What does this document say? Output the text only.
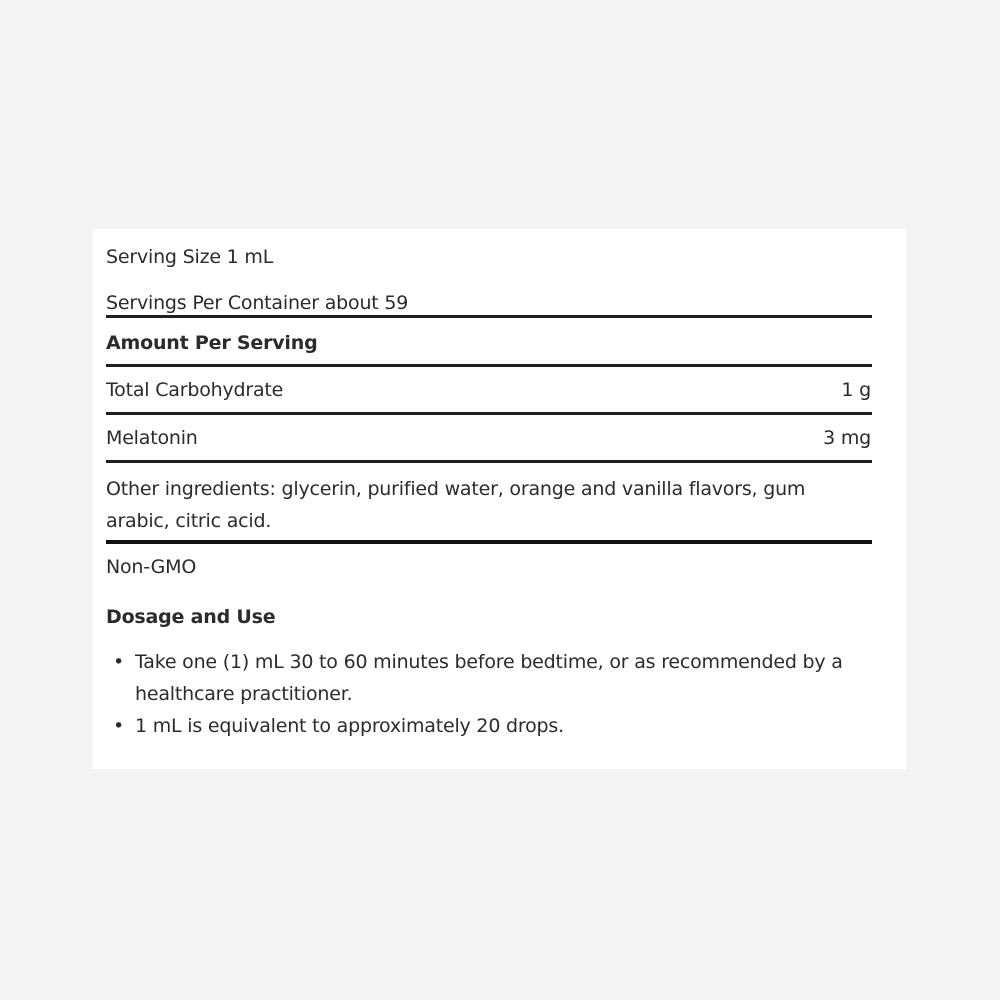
Serving Size 1 mL
Servings Per Container about 59
Amount Per Serving
Total Carbohydrate	1 g
Melatonin	3 mg
Other ingredients: glycerin, purified water, orange and vanilla flavors, gum arabic, citric acid.
Non-GMO
Dosage and Use
• Take one (1) mL 30 to 60 minutes before bedtime, or as recommended by a healthcare practitioner.
• 1 mL is equivalent to approximately 20 drops.
